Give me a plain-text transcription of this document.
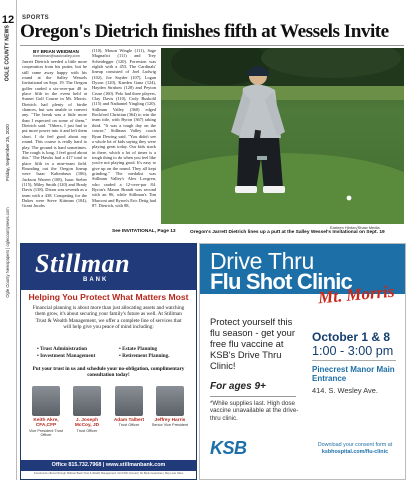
12
OGLE COUNTY NEWS
Friday, September 25, 2020
Ogle County Newspapers | oglecountynews.com
SPORTS
Oregon's Dietrich finishes fifth at Wessels Invite
BY BRIAN WEIDMAN
bweidman@saukvalley.com
Jarrett Dietrich needed a little more cooperation from his putter, but he still came away happy with his round at the Salley Wessels Invitational on Sept. 19. The Oregon golfer carded a six-over-par 48 to place fifth in the event held at Sunset Golf Course in Mt. Morris. Dietrich had plenty of birdie chances, but was unable to convert any. "The break was a little more than I expected on some of them," Dietrich said. "Others, I just had to put more power into it and left them short. I do feel good about my round. This course is really hard to play. The ground is hard sometimes. The rough is long. I feel good about this." The Hawks had a 417 total to place fifth in a nine-team field. Rounding out the Oregon lineup were Isaac Kaltenbrun (106), Jackson Warren (108), Isaac Sieber (115), Miley Smith (120) and Brady Davis (138). Dixon was seventh as a team with a 438. Competing for the Dukes were Steve Kittman (104), Grant Jacobs
(110), Mason Wingle (111), Sage Magnafici (111) and Trey Scheidegger (120). Forreston was eighth with a 453. The Cardinals' lineup consisted of Joel Ludwig (102), Joe Snyder (107), Logan Dyson (120), Kaeden Ganz (124), Hayden Strabow (128) and Peyton Cruse (160). Polo had three players, Clay Davis (110), Cody Buskohl (115) and Nathaniel Yingling (120). Stillman Valley (360) edged Rockford Christian (364) to win the team title, with Byron (367) taking third. "It was a tough day on the course," Stillman Valley coach Ryan Dewing said. "You didn't see a whole lot of kids saying they were playing great today. Our kids stuck in there, which a lot of times is a tough thing to do when you feel like you're not playing good. It's easy to give up on the round. They all kept grinding." The medalist was Stillman Valley's Alex Lovgren, who carded a 12-over-par 84. Byron's Mason Brandt was second with an 86, while Stillman's Tim Marconi and Byron's Eric Detig had 87. Dietrich, with 88,
See INVITATIONAL, Page 13
Earleen Hinton/Shaw Media
Oregon's Jarrett Dietrich lines up a putt at the Salley Wessel's Invitational on Sept. 19
Stillman
BANK
Helping You Protect What Matters Most
Financial planning is about more than just allocating assets and watching them grow, it's about securing your family's future as well. At Stillman Trust & Wealth Management, we offer a complete line of services that will help give you peace of mind including:
• Trust Administration	• Estate Planning
• Investment Management	• Retirement Planning.
Put your trust in us and schedule your no-obligation, complimentary consultation today!
Keith Akre, CFA,CFP
Vice President Trust Officer
J. Joseph McCoy, JD
Trust Officer
Adam Talbert
Trust Officer
Jeffrey Harris
Senior Vice President
Office 815.732.7968 | www.stillmanbank.com
Investments offered through Stillman Bank Trust & Wealth Management. Not FDIC Insured | No Bank Guarantee | May Lose Value
Drive Thru
Flu Shot Clinic
Mt. Morris
Protect yourself this flu season - get your free flu vaccine at KSB's Drive Thru Clinic!
For ages 9+
*While supplies last. High dose vaccine unavailable at the drive-thru clinic.
October 1 & 8
1:00 - 3:00 pm
Pinecrest Manor Main Entrance
414. S. Wesley Ave.
KSB	Download your consent form at
ksbhospital.com/flu-clinic
